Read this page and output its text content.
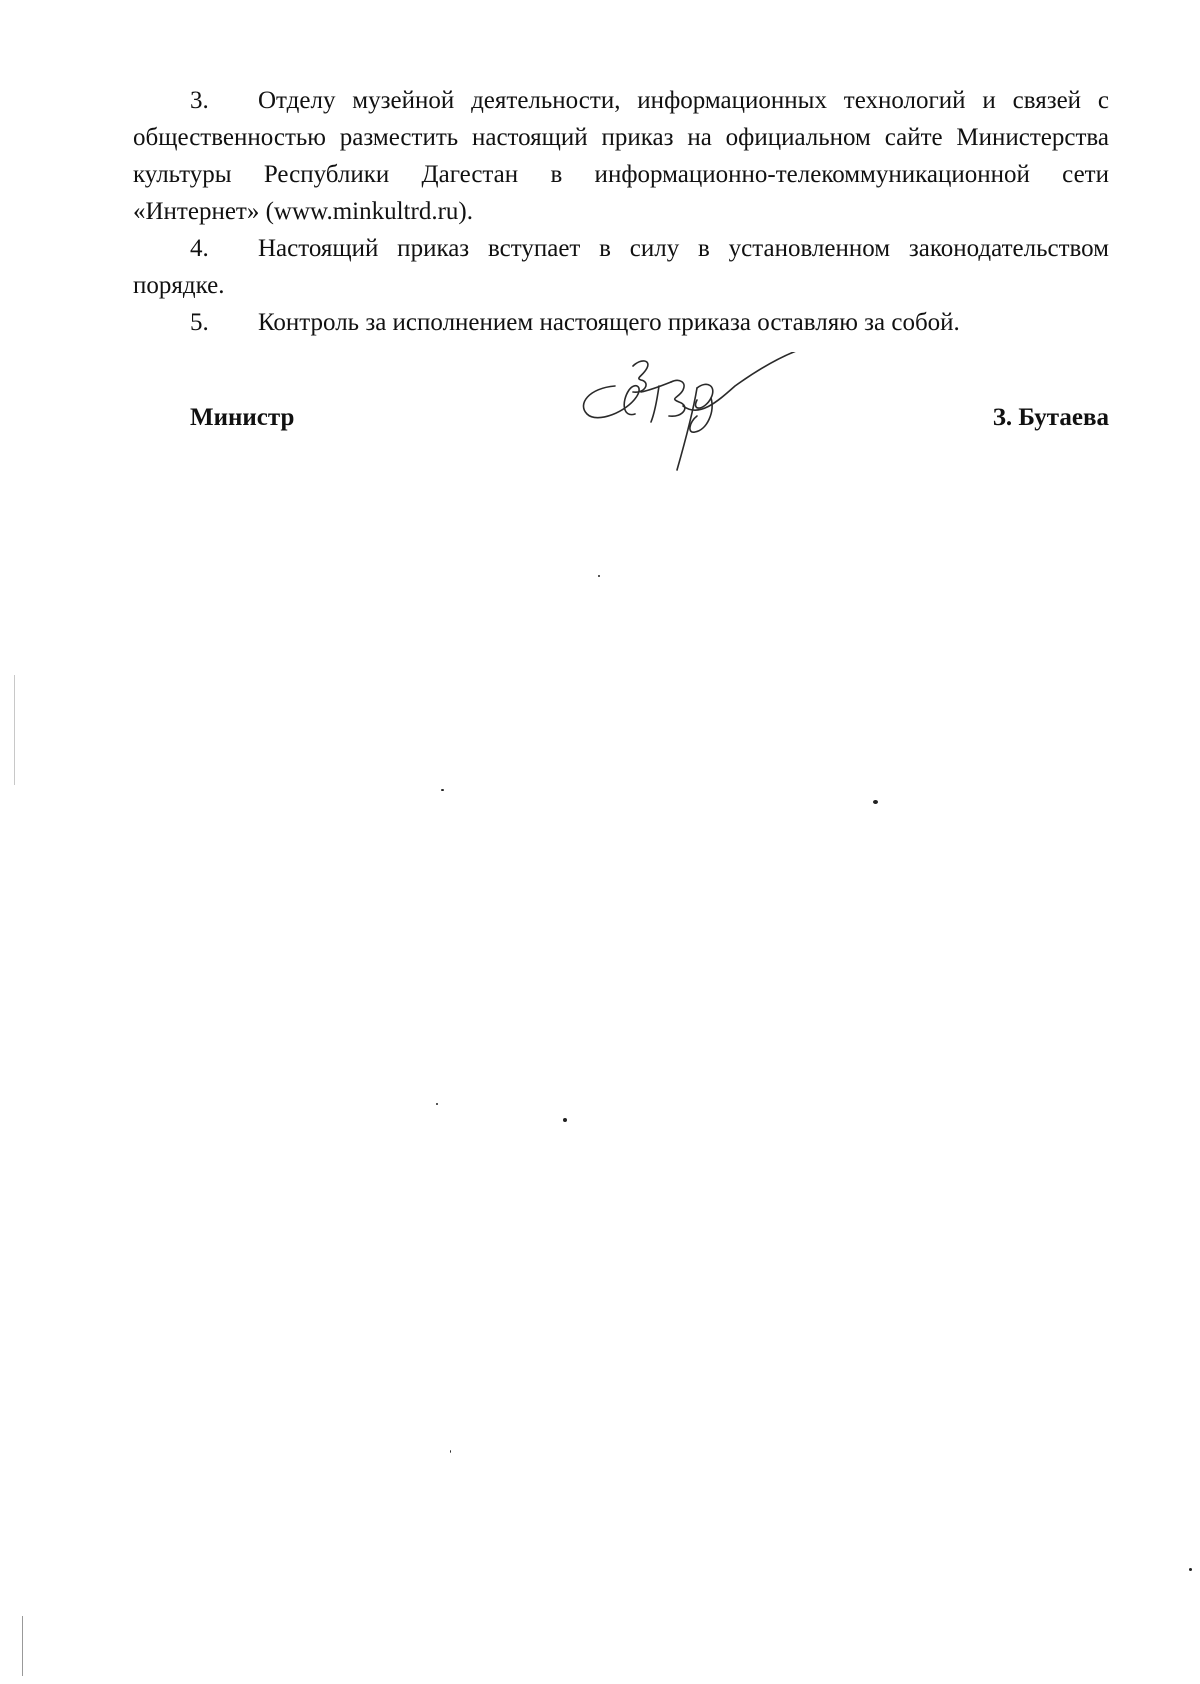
3. Отделу музейной деятельности, информационных технологий и связей с общественностью разместить настоящий приказ на официальном сайте Министерства культуры Республики Дагестан в информационно-телекоммуникационной сети «Интернет» (www.minkultrd.ru).

4. Настоящий приказ вступает в силу в установленном законодательством порядке.

5. Контроль за исполнением настоящего приказа оставляю за собой.

Министр	З. Бутаева
